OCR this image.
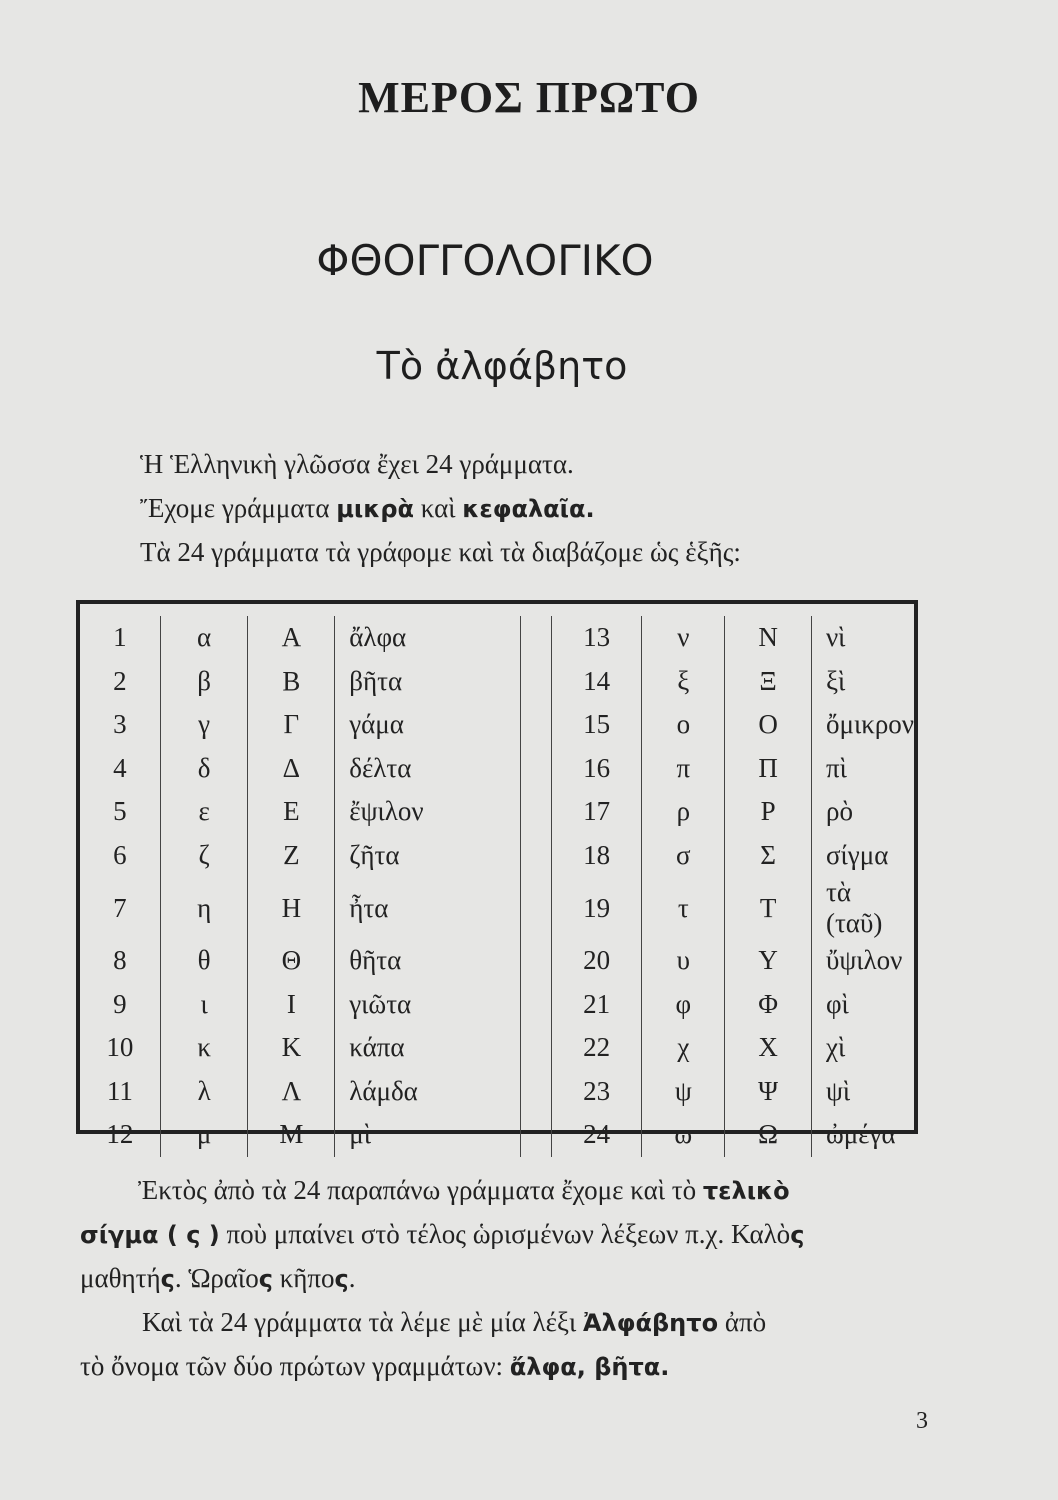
ΜΕΡΟΣ ΠΡΩΤΟ
ΦΘΟΓΓΟΛΟΓΙΚΟ
Τὸ ἀλφάβητο

Ἡ Ἑλληνικὴ γλῶσσα ἔχει 24 γράμματα.

Ἔχομε γράμματα μικρὰ καὶ κεφαλαῖα.

Τὰ 24 γράμματα τὰ γράφομε καὶ τὰ διαβάζομε ὡς ἑξῆς:

1	α	Α	ἄλφα		13	ν	Ν	νὶ
2	β	Β	βῆτα		14	ξ	Ξ	ξὶ
3	γ	Γ	γάμα		15	ο	Ο	ὄμικρον
4	δ	Δ	δέλτα		16	π	Π	πὶ
5	ε	Ε	ἔψιλον		17	ρ	Ρ	ρὸ
6	ζ	Ζ	ζῆτα		18	σ	Σ	σίγμα
7	η	Η	ἦτα		19	τ	Τ	τὰ (ταῦ)
8	θ	Θ	θῆτα		20	υ	Υ	ὔψιλον
9	ι	Ι	γιῶτα		21	φ	Φ	φὶ
10	κ	Κ	κάπα		22	χ	Χ	χὶ
11	λ	Λ	λάμδα		23	ψ	Ψ	ψὶ
12	μ	Μ	μὶ		24	ω	Ω	ὠμέγα

Ἐκτὸς ἀπὸ τὰ 24 παραπάνω γράμματα ἔχομε καὶ τὸ τελικὸ

σίγμα ( ς ) ποὺ μπαίνει στὸ τέλος ὡρισμένων λέξεων π.χ. Καλὸς

μαθητής. Ὡραῖος κῆπος.

Καὶ τὰ 24 γράμματα τὰ λέμε μὲ μία λέξι Ἀλφάβητο ἀπὸ

τὸ ὄνομα τῶν δύο πρώτων γραμμάτων: ἄλφα, βῆτα.

3
